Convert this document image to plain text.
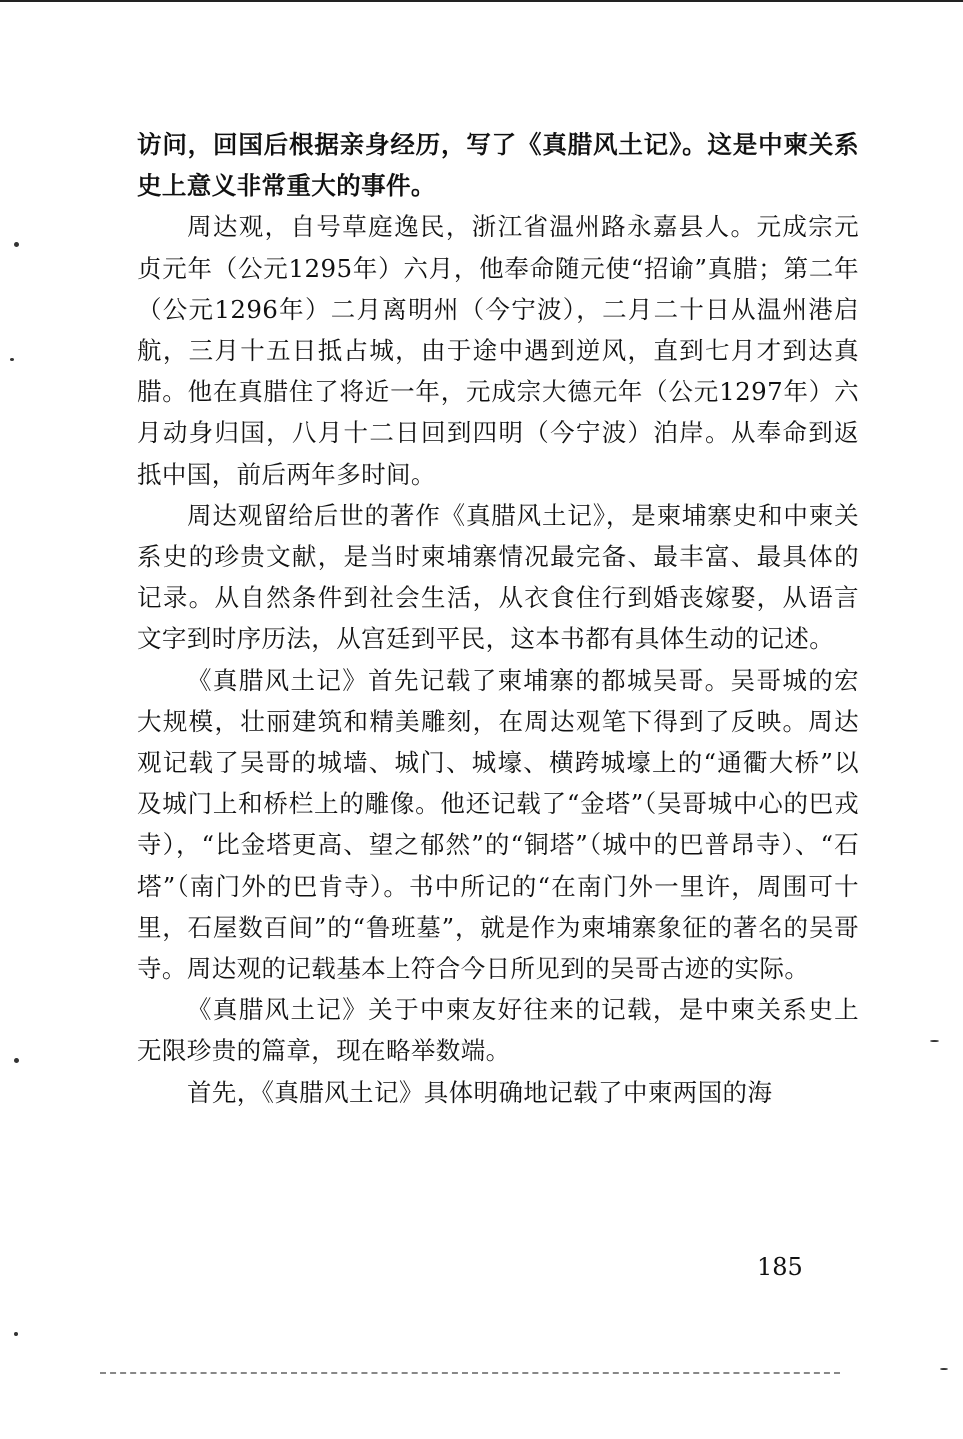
访问，回国后根据亲身经历，写了《真腊风土记》。这是中柬关系史上意义非常重大的事件。

周达观，自号草庭逸民，浙江省温州路永嘉县人。元成宗元贞元年（公元1295年）六月，他奉命随元使“招谕”真腊；第二年（公元1296年）二月离明州（今宁波），二月二十日从温州港启航，三月十五日抵占城，由于途中遇到逆风，直到七月才到达真腊。他在真腊住了将近一年，元成宗大德元年（公元1297年）六月动身归国，八月十二日回到四明（今宁波）泊岸。从奉命到返抵中国，前后两年多时间。

周达观留给后世的著作《真腊风土记》，是柬埔寨史和中柬关系史的珍贵文献，是当时柬埔寨情况最完备、最丰富、最具体的记录。从自然条件到社会生活，从衣食住行到婚丧嫁娶，从语言文字到时序历法，从宫廷到平民，这本书都有具体生动的记述。

《真腊风土记》首先记载了柬埔寨的都城吴哥。吴哥城的宏大规模，壮丽建筑和精美雕刻，在周达观笔下得到了反映。周达观记载了吴哥的城墙、城门、城壕、横跨城壕上的“通衢大桥”以及城门上和桥栏上的雕像。他还记载了“金塔”（吴哥城中心的巴戎寺），“比金塔更高、望之郁然”的“铜塔”（城中的巴普昂寺）、“石塔”（南门外的巴肯寺）。书中所记的“在南门外一里许，周围可十里，石屋数百间”的“鲁班墓”，就是作为柬埔寨象征的著名的吴哥寺。周达观的记载基本上符合今日所见到的吴哥古迹的实际。

《真腊风土记》关于中柬友好往来的记载，是中柬关系史上无限珍贵的篇章，现在略举数端。

首先，《真腊风土记》具体明确地记载了中柬两国的海

185
